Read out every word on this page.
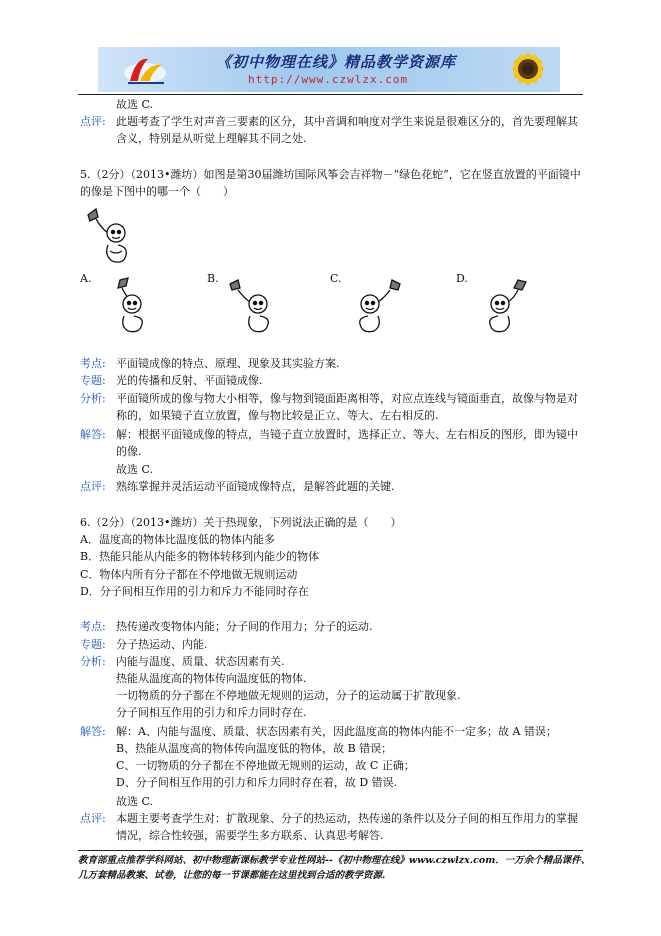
《初中物理在线》精品教学资源库
http://www.czwlzx.com
故选 C.
点评: 此题考查了学生对声音三要素的区分，其中音调和响度对学生来说是很难区分的，首先要理解其含义，特别是从听觉上理解其不同之处.
5.（2分）（2013•潍坊）如图是第30届潍坊国际风筝会吉祥物－“绿色花蛇”，它在竖直放置的平面镜中的像是下图中的哪一个（　　）
A.	B.	C.	D.
考点: 平面镜成像的特点、原理、现象及其实验方案.
专题: 光的传播和反射、平面镜成像.
分析: 平面镜所成的像与物大小相等，像与物到镜面距离相等，对应点连线与镜面垂直，故像与物是对称的，如果镜子直立放置，像与物比较是正立、等大、左右相反的.
解答: 解：根据平面镜成像的特点，当镜子直立放置时，选择正立、等大、左右相反的图形，即为镜中的像.
故选 C.
点评: 熟练掌握并灵活运动平面镜成像特点，是解答此题的关键.
6.（2分）（2013•潍坊）关于热现象，下列说法正确的是（　　）
A．温度高的物体比温度低的物体内能多
B．热能只能从内能多的物体转移到内能少的物体
C．物体内所有分子都在不停地做无规则运动
D．分子间相互作用的引力和斥力不能同时存在
考点: 热传递改变物体内能；分子间的作用力；分子的运动.
专题: 分子热运动、内能.
分析: 内能与温度、质量、状态因素有关.
热能从温度高的物体传向温度低的物体.
一切物质的分子都在不停地做无规则的运动，分子的运动属于扩散现象.
分子间相互作用的引力和斥力同时存在.
解答: 解：A、内能与温度、质量、状态因素有关，因此温度高的物体内能不一定多；故 A 错误；
B、热能从温度高的物体传向温度低的物体，故 B 错误；
C、一切物质的分子都在不停地做无规则的运动，故 C 正确；
D、分子间相互作用的引力和斥力同时存在着，故 D 错误.
故选 C.
点评: 本题主要考查学生对：扩散现象、分子的热运动，热传递的条件以及分子间的相互作用力的掌握情况，综合性较强，需要学生多方联系、认真思考解答.
教育部重点推荐学科网站、初中物理新课标教学专业性网站--《初中物理在线》www.czwlzx.com．一万余个精品课件、几万套精品教案、试卷，让您的每一节课都能在这里找到合适的教学资源.
